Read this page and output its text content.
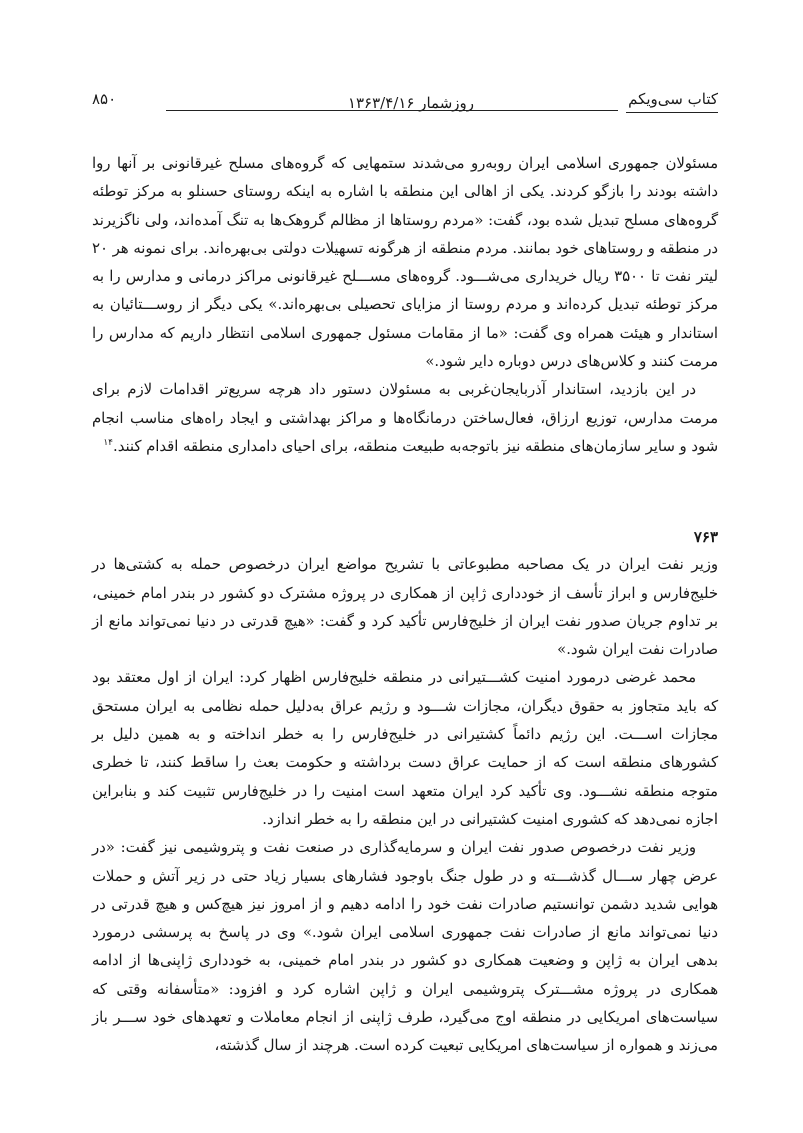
کتاب سی‌ویکم
روزشمار ۱۳۶۳/۴/۱۶
۸۵۰

مسئولان جمهوری اسلامی ایران روبه‌رو می‌شدند ستمهایی که گروه‌های مسلح غیرقانونی بر آنها روا داشته بودند را بازگو کردند. یکی از اهالی این منطقه با اشاره به اینکه روستای حسنلو به مرکز توطئه گروه‌های مسلح تبدیل شده بود، گفت: «مردم روستاها از مظالم گروهک‌ها به تنگ آمده‌اند، ولی ناگزیرند در منطقه و روستاهای خود بمانند. مردم منطقه از هرگونه تسهیلات دولتی بی‌بهره‌اند. برای نمونه هر ۲۰ لیتر نفت تا ۳۵۰۰ ریال خریداری می‌شـــود. گروه‌های مســـلح غیرقانونی مراکز درمانی و مدارس را به مرکز توطئه تبدیل کرده‌اند و مردم روستا از مزایای تحصیلی بی‌بهره‌اند.» یکی دیگر از روســـتائیان به استاندار و هیئت همراه وی گفت: «ما از مقامات مسئول جمهوری اسلامی انتظار داریم که مدارس را مرمت کنند و کلاس‌های درس دوباره دایر شود.»

در این بازدید، استاندار آذربایجان‌غربی به مسئولان دستور داد هرچه سریع‌تر اقدامات لازم برای مرمت مدارس، توزیع ارزاق، فعال‌ساختن درمانگاه‌ها و مراکز بهداشتی و ایجاد راه‌های مناسب انجام شود و سایر سازمان‌های منطقه نیز باتوجه‌به طبیعت منطقه، برای احیای دامداری منطقه اقدام کنند.$^{۱۴}$

۷۶۳

وزیر نفت ایران در یک مصاحبه مطبوعاتی با تشریح مواضع ایران درخصوص حمله به کشتی‌ها در خلیج‌فارس و ابراز تأسف از خودداری ژاپن از همکاری در پروژه مشترک دو کشور در بندر امام خمینی، بر تداوم جریان صدور نفت ایران از خلیج‌فارس تأکید کرد و گفت: «هیچ قدرتی در دنیا نمی‌تواند مانع از صادرات نفت ایران شود.»

محمد غرضی درمورد امنیت کشـــتیرانی در منطقه خلیج‌فارس اظهار کرد: ایران از اول معتقد بود که باید متجاوز به حقوق دیگران، مجازات شـــود و رژیم عراق به‌دلیل حمله نظامی به ایران مستحق مجازات اســـت. این رژیم دائماً کشتیرانی در خلیج‌فارس را به خطر انداخته و به همین دلیل بر کشورهای منطقه است که از حمایت عراق دست برداشته و حکومت بعث را ساقط کنند، تا خطری متوجه منطقه نشـــود. وی تأکید کرد ایران متعهد است امنیت را در خلیج‌فارس تثبیت کند و بنابراین اجازه نمی‌دهد که کشوری امنیت کشتیرانی در این منطقه را به خطر اندازد.

وزیر نفت درخصوص صدور نفت ایران و سرمایه‌گذاری در صنعت نفت و پتروشیمی نیز گفت: «در عرض چهار ســـال گذشـــته و در طول جنگ باوجود فشارهای بسیار زیاد حتی در زیر آتش و حملات هوایی شدید دشمن توانستیم صادرات نفت خود را ادامه دهیم و از امروز نیز هیچ‌کس و هیچ قدرتی در دنیا نمی‌تواند مانع از صادرات نفت جمهوری اسلامی ایران شود.» وی در پاسخ به پرسشی درمورد بدهی ایران به ژاپن و وضعیت همکاری دو کشور در بندر امام خمینی، به خودداری ژاپنی‌ها از ادامه همکاری در پروژه مشـــترک پتروشیمی ایران و ژاپن اشاره کرد و افزود: «متأسفانه وقتی که سیاست‌های امریکایی در منطقه اوج می‌گیرد، طرف ژاپنی از انجام معاملات و تعهدهای خود ســـر باز می‌زند و همواره از سیاست‌های امریکایی تبعیت کرده است. هرچند از سال گذشته،
